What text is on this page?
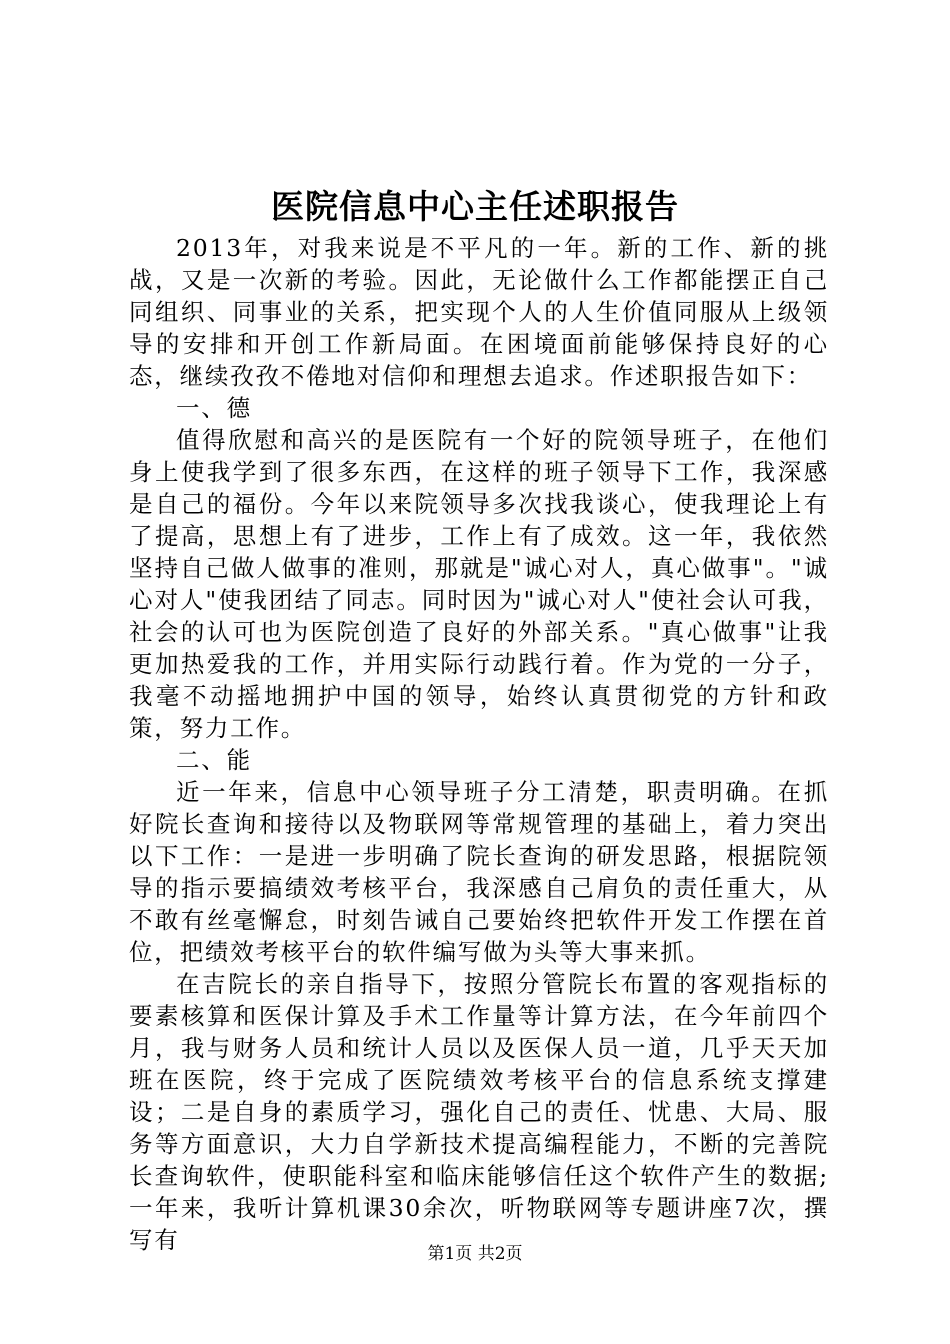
医院信息中心主任述职报告

2013年，对我来说是不平凡的一年。新的工作、新的挑战，又是一次新的考验。因此，无论做什么工作都能摆正自己同组织、同事业的关系，把实现个人的人生价值同服从上级领导的安排和开创工作新局面。在困境面前能够保持良好的心态，继续孜孜不倦地对信仰和理想去追求。作述职报告如下：

一、德

值得欣慰和高兴的是医院有一个好的院领导班子，在他们身上使我学到了很多东西，在这样的班子领导下工作，我深感是自己的福份。今年以来院领导多次找我谈心，使我理论上有了提高，思想上有了进步，工作上有了成效。这一年，我依然坚持自己做人做事的准则，那就是"诚心对人，真心做事"。"诚心对人"使我团结了同志。同时因为"诚心对人"使社会认可我，社会的认可也为医院创造了良好的外部关系。"真心做事"让我更加热爱我的工作，并用实际行动践行着。作为党的一分子，我毫不动摇地拥护中国的领导，始终认真贯彻党的方针和政策，努力工作。

二、能

近一年来，信息中心领导班子分工清楚，职责明确。在抓好院长查询和接待以及物联网等常规管理的基础上，着力突出以下工作：一是进一步明确了院长查询的研发思路，根据院领导的指示要搞绩效考核平台，我深感自己肩负的责任重大，从不敢有丝毫懈怠，时刻告诫自己要始终把软件开发工作摆在首位，把绩效考核平台的软件编写做为头等大事来抓。

在吉院长的亲自指导下，按照分管院长布置的客观指标的要素核算和医保计算及手术工作量等计算方法，在今年前四个月，我与财务人员和统计人员以及医保人员一道，几乎天天加班在医院，终于完成了医院绩效考核平台的信息系统支撑建设；二是自身的素质学习，强化自己的责任、忧患、大局、服务等方面意识，大力自学新技术提高编程能力，不断的完善院长查询软件，使职能科室和临床能够信任这个软件产生的数据;一年来，我听计算机课30余次，听物联网等专题讲座7次，撰写有	第1页 共2页
